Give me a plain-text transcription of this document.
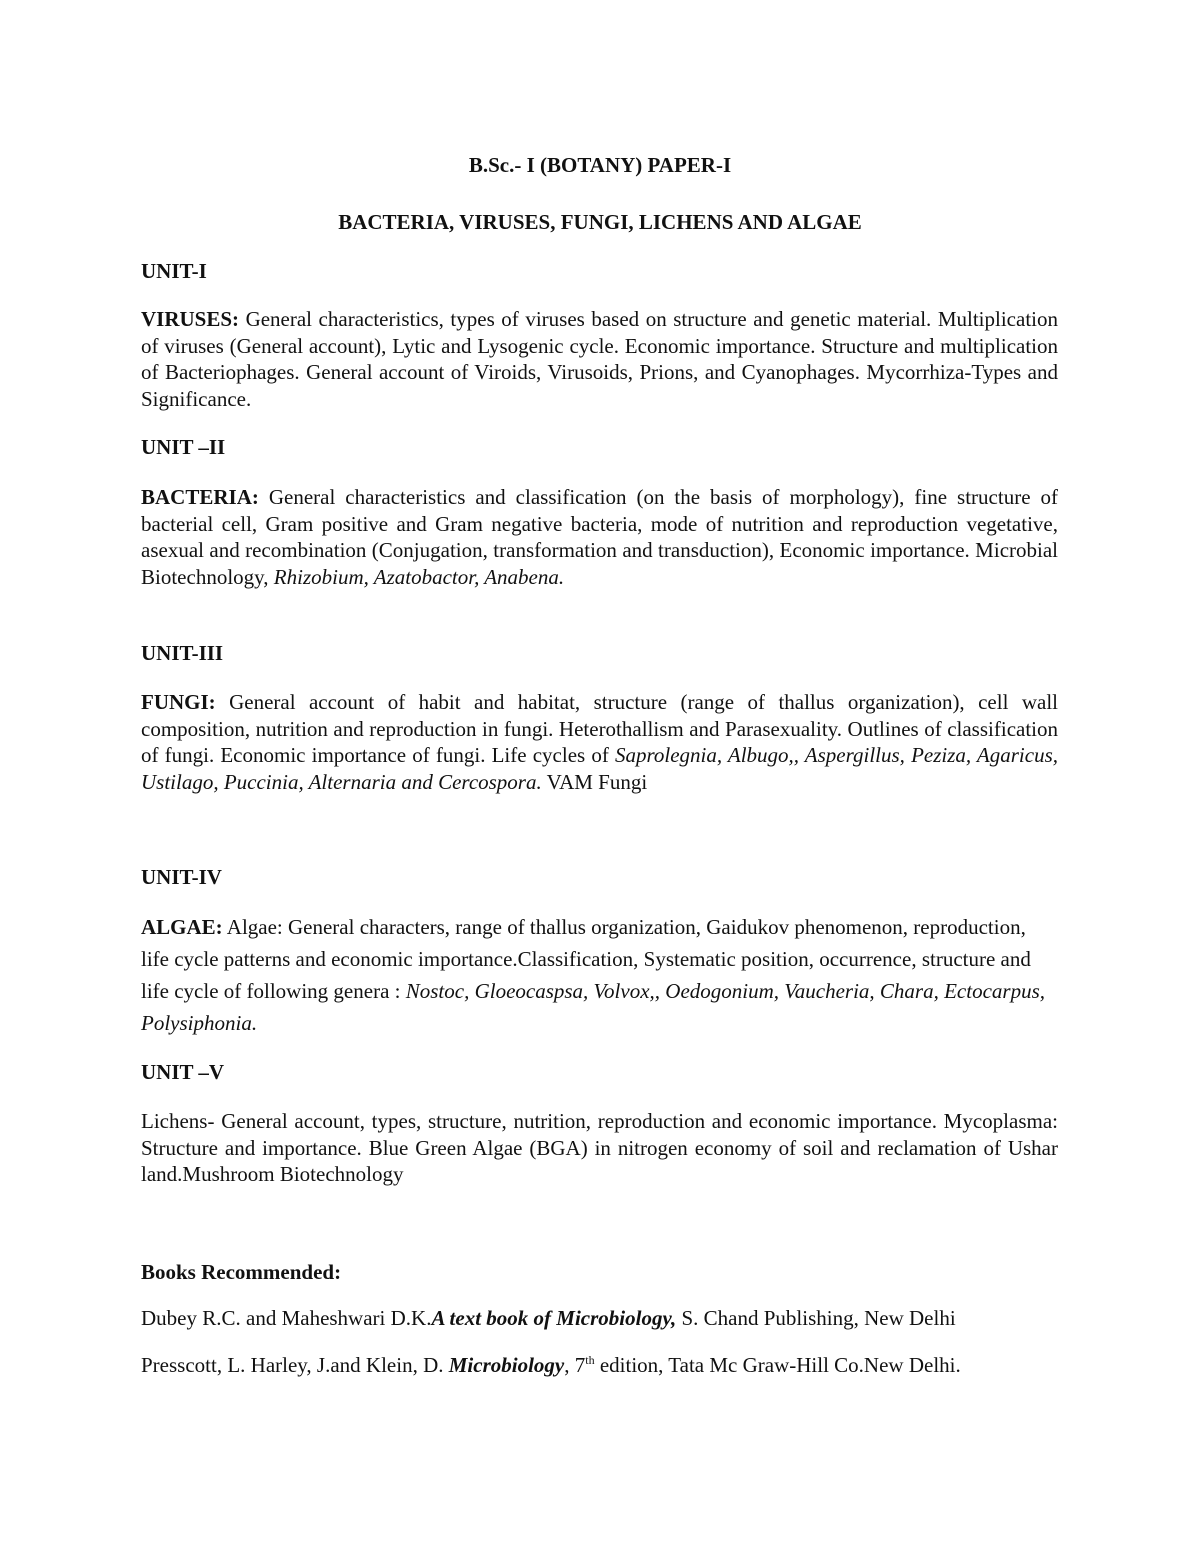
B.Sc.- I (BOTANY) PAPER-I
BACTERIA, VIRUSES, FUNGI, LICHENS AND ALGAE
UNIT-I

VIRUSES: General characteristics, types of viruses based on structure and genetic material. Multiplication of viruses (General account), Lytic and Lysogenic cycle. Economic importance. Structure and multiplication of Bacteriophages. General account of Viroids, Virusoids, Prions, and Cyanophages. Mycorrhiza-Types and Significance.

UNIT –II

BACTERIA: General characteristics and classification (on the basis of morphology), fine structure of bacterial cell, Gram positive and Gram negative bacteria, mode of nutrition and reproduction vegetative, asexual and recombination (Conjugation, transformation and transduction), Economic importance. Microbial Biotechnology, Rhizobium, Azatobactor, Anabena.

UNIT-III

FUNGI: General account of habit and habitat, structure (range of thallus organization), cell wall composition, nutrition and reproduction in fungi. Heterothallism and Parasexuality. Outlines of classification of fungi. Economic importance of fungi. Life cycles of Saprolegnia, Albugo,, Aspergillus, Peziza, Agaricus, Ustilago, Puccinia, Alternaria and Cercospora. VAM Fungi

UNIT-IV

ALGAE: Algae: General characters, range of thallus organization, Gaidukov phenomenon, reproduction, life cycle patterns and economic importance.Classification, Systematic position, occurrence, structure and life cycle of following genera : Nostoc, Gloeocaspsa, Volvox,, Oedogonium, Vaucheria, Chara, Ectocarpus, Polysiphonia.

UNIT –V

Lichens- General account, types, structure, nutrition, reproduction and economic importance. Mycoplasma: Structure and importance. Blue Green Algae (BGA) in nitrogen economy of soil and reclamation of Ushar land.Mushroom Biotechnology

Books Recommended:

Dubey R.C. and Maheshwari D.K.A text book of Microbiology, S. Chand Publishing, New Delhi

Presscott, L. Harley, J.and Klein, D. Microbiology, 7th edition, Tata Mc Graw-Hill Co.New Delhi.
